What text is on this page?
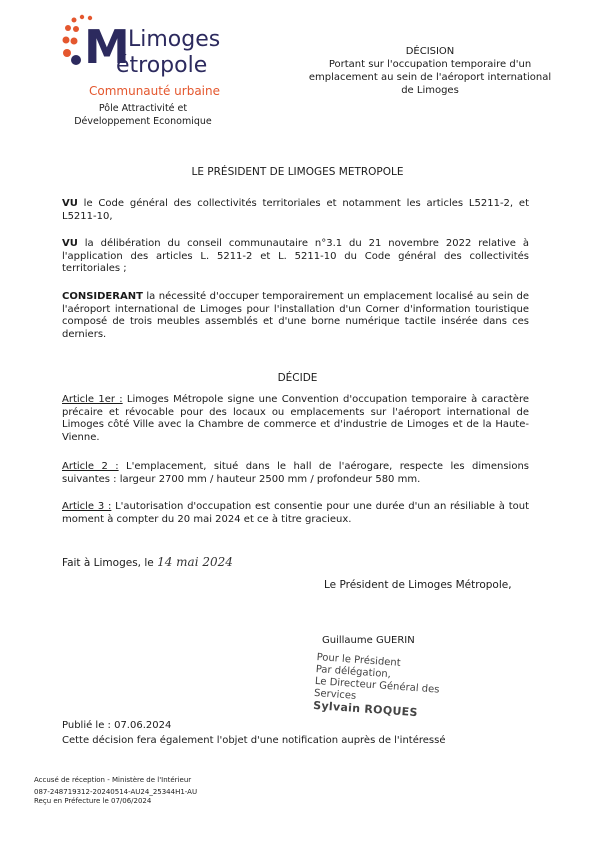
M Limoges
étropole
Communauté urbaine
Pôle Attractivité et
Développement Economique
DÉCISION
Portant sur l'occupation temporaire d'un
emplacement au sein de l'aéroport international
de Limoges
LE PRÉSIDENT DE LIMOGES METROPOLE
VU le Code général des collectivités territoriales et notamment les articles L5211-2, et L5211-10,
VU la délibération du conseil communautaire n°3.1 du 21 novembre 2022 relative à l'application des articles L. 5211-2 et L. 5211-10 du Code général des collectivités territoriales ;
CONSIDERANT la nécessité d'occuper temporairement un emplacement localisé au sein de l'aéroport international de Limoges pour l'installation d'un Corner d'information touristique composé de trois meubles assemblés et d'une borne numérique tactile insérée dans ces derniers.
DÉCIDE
Article 1er : Limoges Métropole signe une Convention d'occupation temporaire à caractère précaire et révocable pour des locaux ou emplacements sur l'aéroport international de Limoges côté Ville avec la Chambre de commerce et d'industrie de Limoges et de la Haute-Vienne.
Article 2 : L'emplacement, situé dans le hall de l'aérogare, respecte les dimensions suivantes : largeur 2700 mm / hauteur 2500 mm / profondeur 580 mm.
Article 3 : L'autorisation d'occupation est consentie pour une durée d'un an résiliable à tout moment à compter du 20 mai 2024 et ce à titre gracieux.
Fait à Limoges, le 14 mai 2024
Le Président de Limoges Métropole,
Guillaume GUERIN
Pour le Président
Par délégation,
Le Directeur Général des Services
Sylvain ROQUES
Publié le : 07.06.2024
Cette décision fera également l'objet d'une notification auprès de l'intéressé
Accusé de réception - Ministère de l'Intérieur
087-248719312-20240514-AU24_25344H1-AU
Reçu en Préfecture le 07/06/2024
